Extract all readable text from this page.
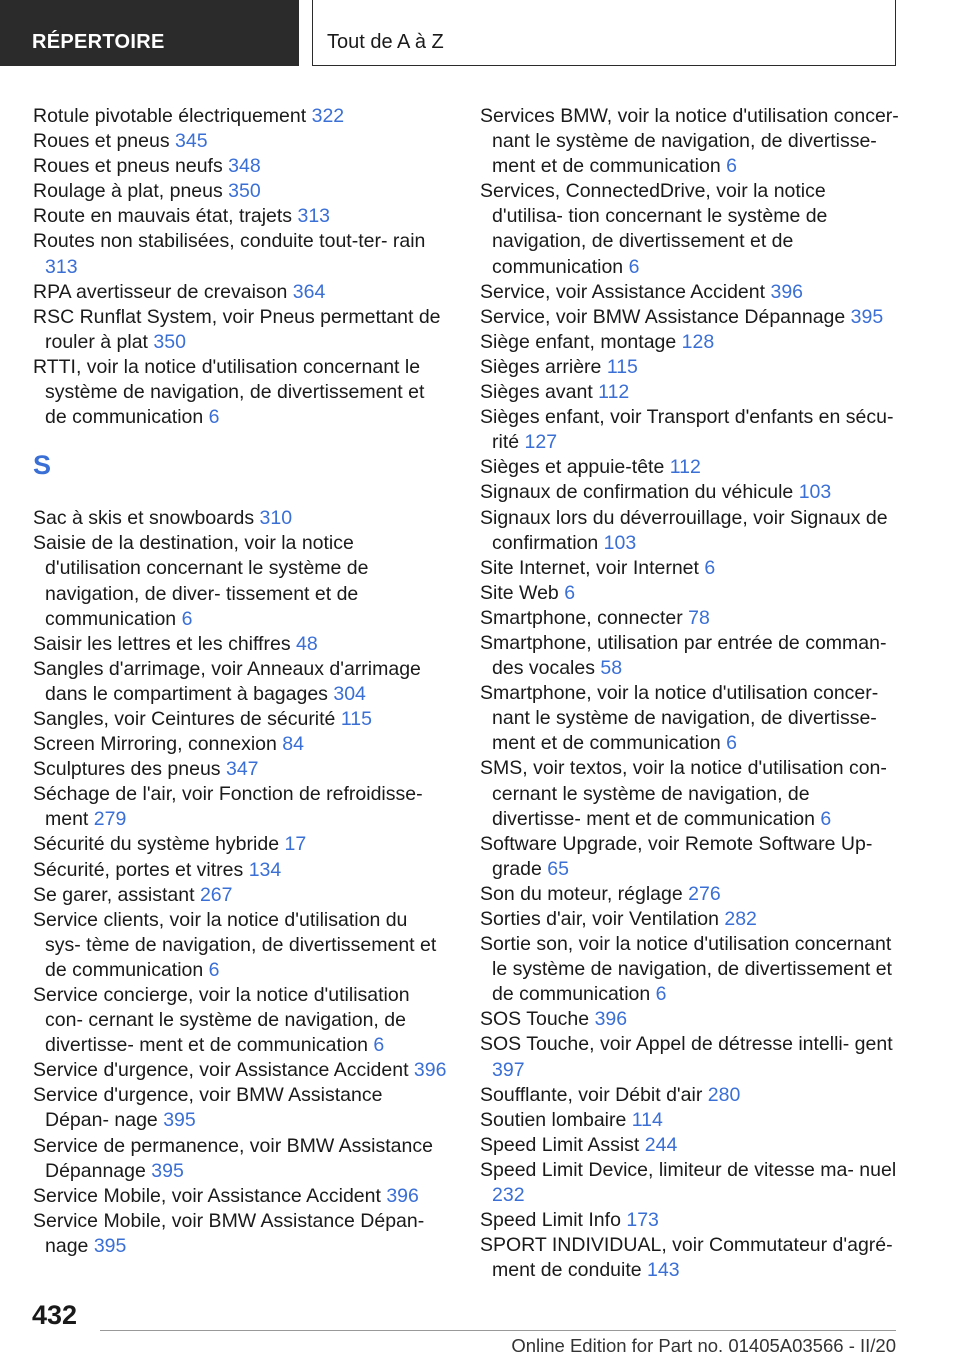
RÉPERTOIRE	Tout de A à Z
Rotule pivotable électriquement 322
Roues et pneus 345
Roues et pneus neufs 348
Roulage à plat, pneus 350
Route en mauvais état, trajets 313
Routes non stabilisées, conduite tout-ter- rain 313
RPA avertisseur de crevaison 364
RSC Runflat System, voir Pneus permettant de rouler à plat 350
RTTI, voir la notice d'utilisation concernant le système de navigation, de divertissement et de communication 6
S
Sac à skis et snowboards 310
Saisie de la destination, voir la notice d'utilisation concernant le système de navigation, de diver- tissement et de communication 6
Saisir les lettres et les chiffres 48
Sangles d'arrimage, voir Anneaux d'arrimage dans le compartiment à bagages 304
Sangles, voir Ceintures de sécurité 115
Screen Mirroring, connexion 84
Sculptures des pneus 347
Séchage de l'air, voir Fonction de refroidisse- ment 279
Sécurité du système hybride 17
Sécurité, portes et vitres 134
Se garer, assistant 267
Service clients, voir la notice d'utilisation du sys- tème de navigation, de divertissement et de communication 6
Service concierge, voir la notice d'utilisation con- cernant le système de navigation, de divertisse- ment et de communication 6
Service d'urgence, voir Assistance Accident 396
Service d'urgence, voir BMW Assistance Dépan- nage 395
Service de permanence, voir BMW Assistance Dépannage 395
Service Mobile, voir Assistance Accident 396
Service Mobile, voir BMW Assistance Dépan- nage 395
Services BMW, voir la notice d'utilisation concer- nant le système de navigation, de divertisse- ment et de communication 6
Services, ConnectedDrive, voir la notice d'utilisa- tion concernant le système de navigation, de divertissement et de communication 6
Service, voir Assistance Accident 396
Service, voir BMW Assistance Dépannage 395
Siège enfant, montage 128
Sièges arrière 115
Sièges avant 112
Sièges enfant, voir Transport d'enfants en sécu- rité 127
Sièges et appuie-tête 112
Signaux de confirmation du véhicule 103
Signaux lors du déverrouillage, voir Signaux de confirmation 103
Site Internet, voir Internet 6
Site Web 6
Smartphone, connecter 78
Smartphone, utilisation par entrée de comman- des vocales 58
Smartphone, voir la notice d'utilisation concer- nant le système de navigation, de divertisse- ment et de communication 6
SMS, voir textos, voir la notice d'utilisation con- cernant le système de navigation, de divertisse- ment et de communication 6
Software Upgrade, voir Remote Software Up- grade 65
Son du moteur, réglage 276
Sorties d'air, voir Ventilation 282
Sortie son, voir la notice d'utilisation concernant le système de navigation, de divertissement et de communication 6
SOS Touche 396
SOS Touche, voir Appel de détresse intelli- gent 397
Soufflante, voir Débit d'air 280
Soutien lombaire 114
Speed Limit Assist 244
Speed Limit Device, limiteur de vitesse ma- nuel 232
Speed Limit Info 173
SPORT INDIVIDUAL, voir Commutateur d'agré- ment de conduite 143
432
Online Edition for Part no. 01405A03566 - II/20
